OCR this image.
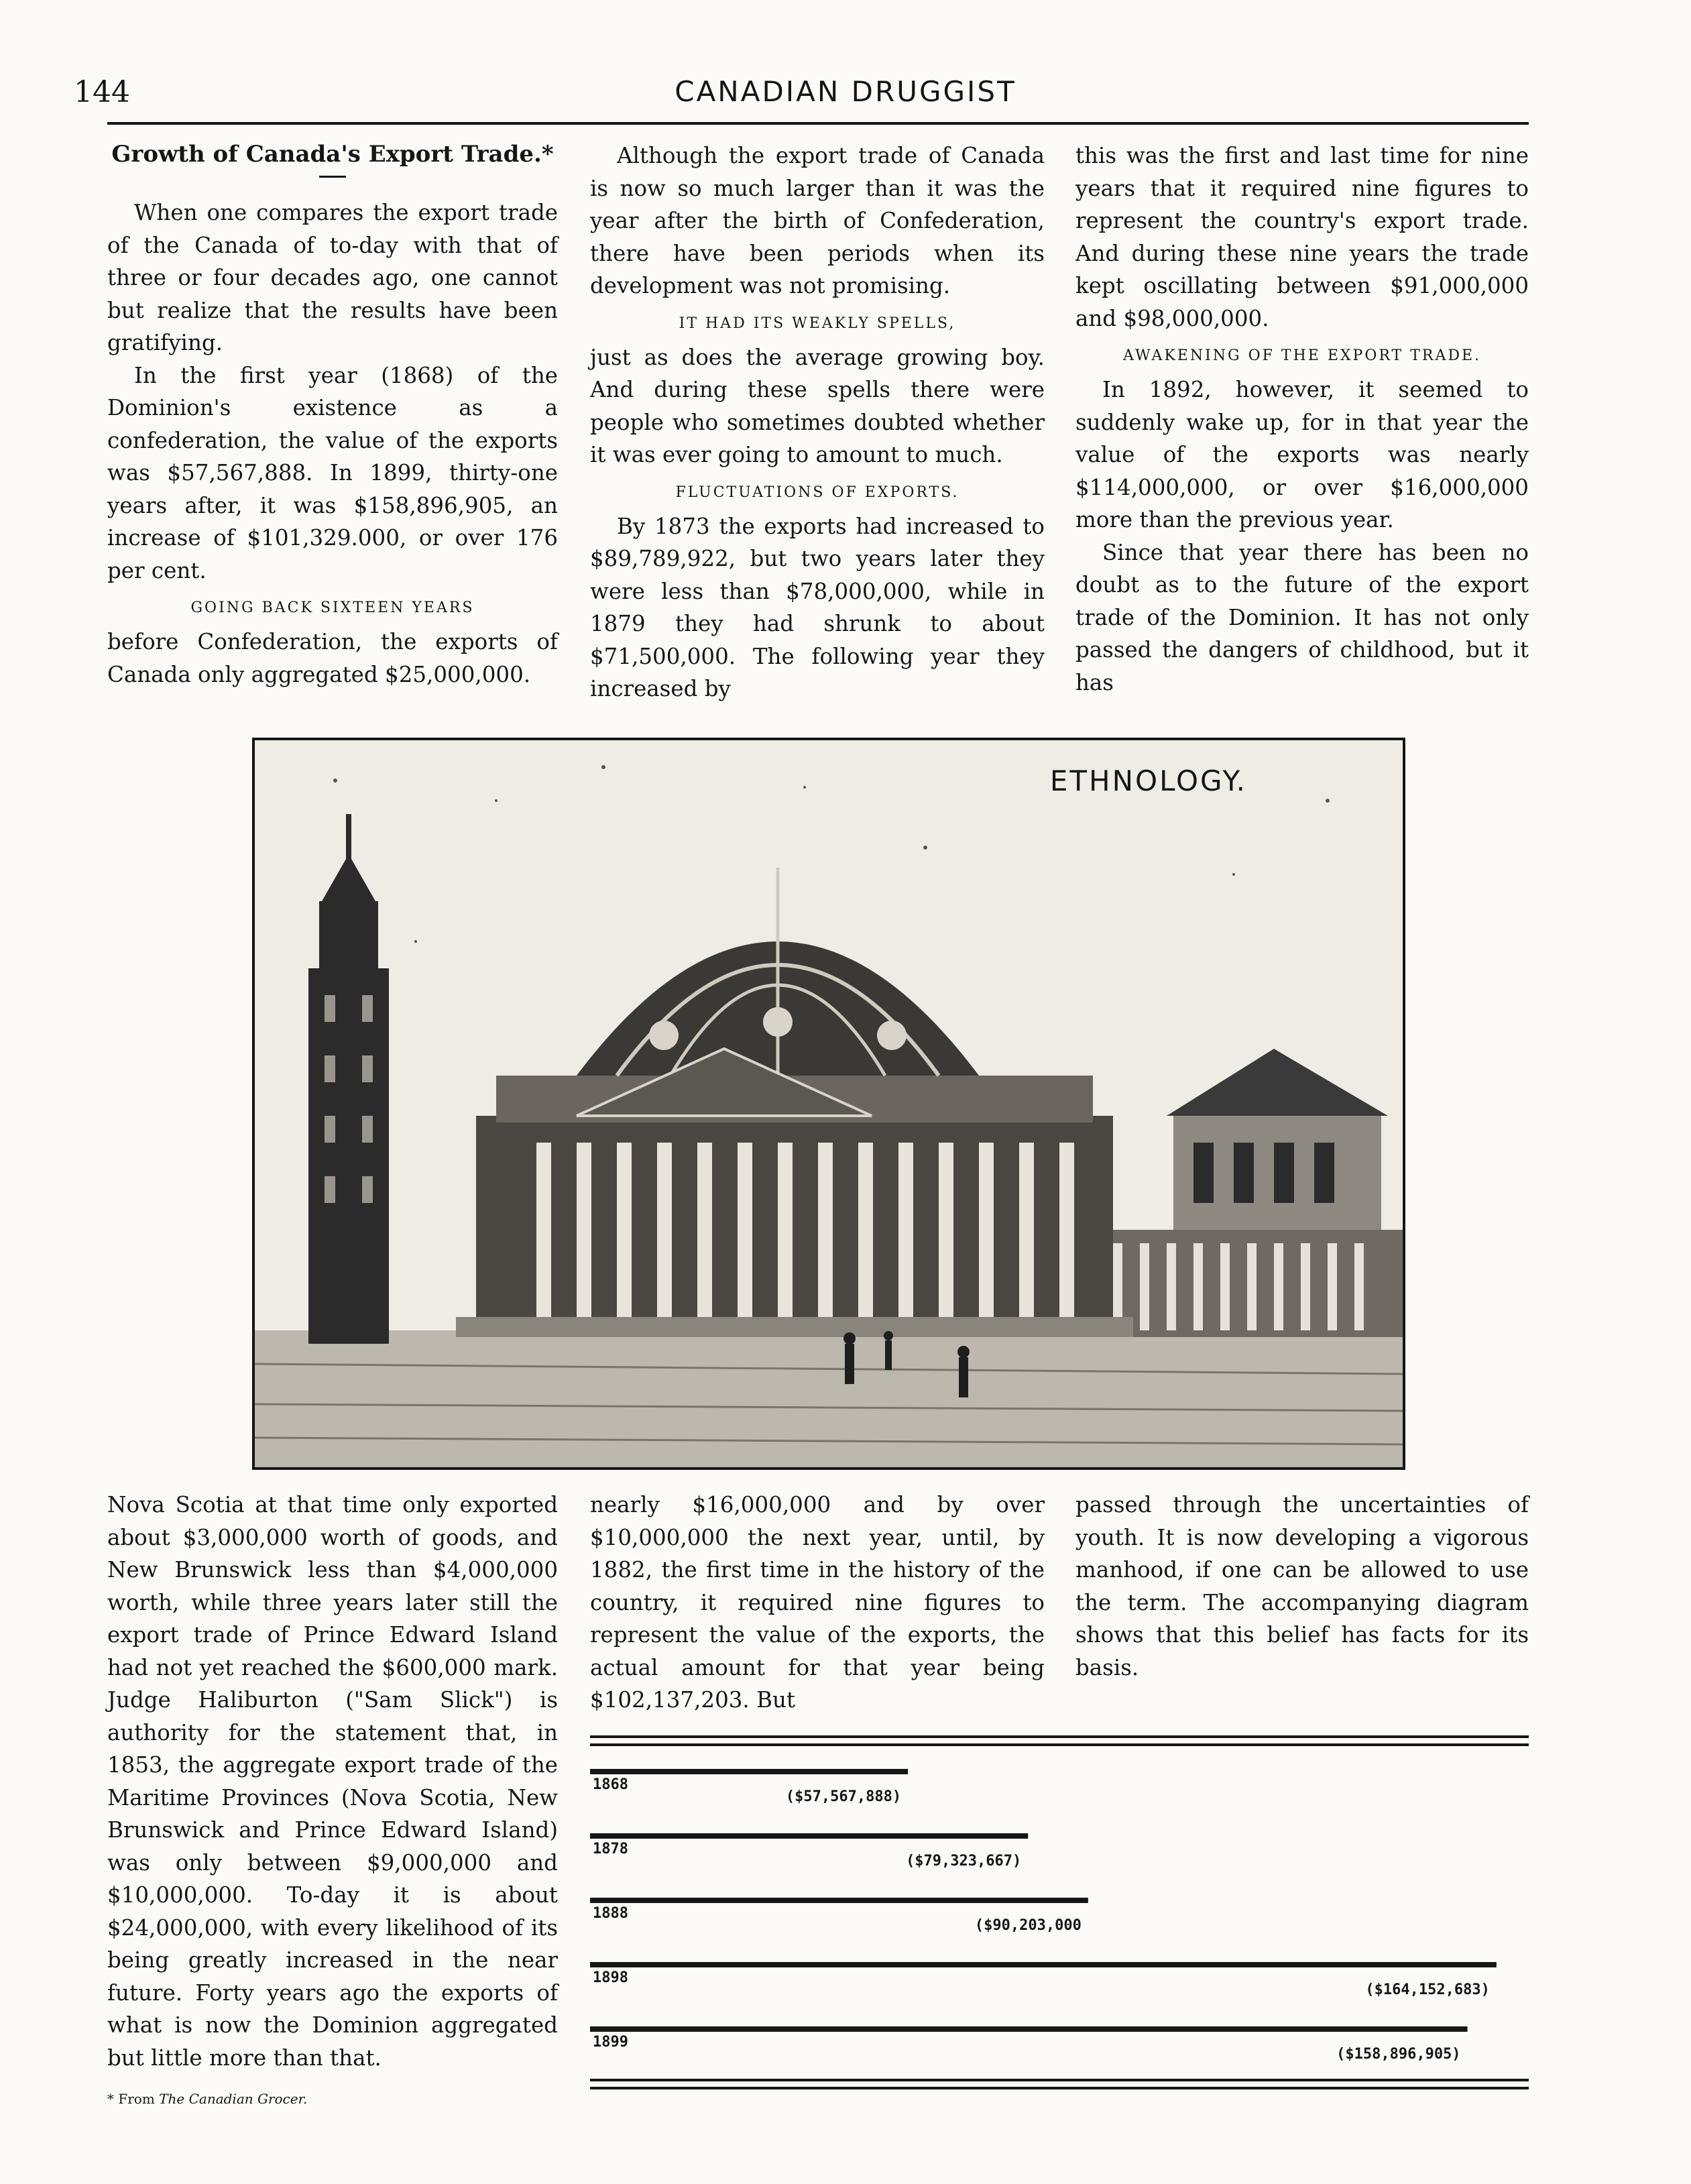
144	CANADIAN DRUGGIST
Growth of Canada's Export Trade.*

When one compares the export trade of the Canada of to-day with that of three or four decades ago, one cannot but realize that the results have been gratifying.

In the first year (1868) of the Dominion's existence as a confederation, the value of the exports was $57,567,888. In 1899, thirty-one years after, it was $158,896,905, an increase of $101,329.000, or over 176 per cent.

GOING BACK SIXTEEN YEARS

before Confederation, the exports of Canada only aggregated $25,000,000.

Although the export trade of Canada is now so much larger than it was the year after the birth of Confederation, there have been periods when its development was not promising.

IT HAD ITS WEAKLY SPELLS,

just as does the average growing boy. And during these spells there were people who sometimes doubted whether it was ever going to amount to much.

FLUCTUATIONS OF EXPORTS.

By 1873 the exports had increased to $89,789,922, but two years later they were less than $78,000,000, while in 1879 they had shrunk to about $71,500,000. The following year they increased by

this was the first and last time for nine years that it required nine figures to represent the country's export trade. And during these nine years the trade kept oscillating between $91,000,000 and $98,000,000.

AWAKENING OF THE EXPORT TRADE.

In 1892, however, it seemed to suddenly wake up, for in that year the value of the exports was nearly $114,000,000, or over $16,000,000 more than the previous year.

Since that year there has been no doubt as to the future of the export trade of the Dominion. It has not only passed the dangers of childhood, but it has

ETHNOLOGY.

Nova Scotia at that time only exported about $3,000,000 worth of goods, and New Brunswick less than $4,000,000 worth, while three years later still the export trade of Prince Edward Island had not yet reached the $600,000 mark. Judge Haliburton ("Sam Slick") is authority for the statement that, in 1853, the aggregate export trade of the Maritime Provinces (Nova Scotia, New Brunswick and Prince Edward Island) was only between $9,000,000 and $10,000,000. To-day it is about $24,000,000, with every likelihood of its being greatly increased in the near future. Forty years ago the exports of what is now the Dominion aggregated but little more than that.

nearly $16,000,000 and by over $10,000,000 the next year, until, by 1882, the first time in the history of the country, it required nine figures to represent the value of the exports, the actual amount for that year being $102,137,203. But

passed through the uncertainties of youth. It is now developing a vigorous manhood, if one can be allowed to use the term. The accompanying diagram shows that this belief has facts for its basis.

1868
($57,567,888)
1878
($79,323,667)
1888
($90,203,000
1898
($164,152,683)
1899
($158,896,905)
* From The Canadian Grocer.
